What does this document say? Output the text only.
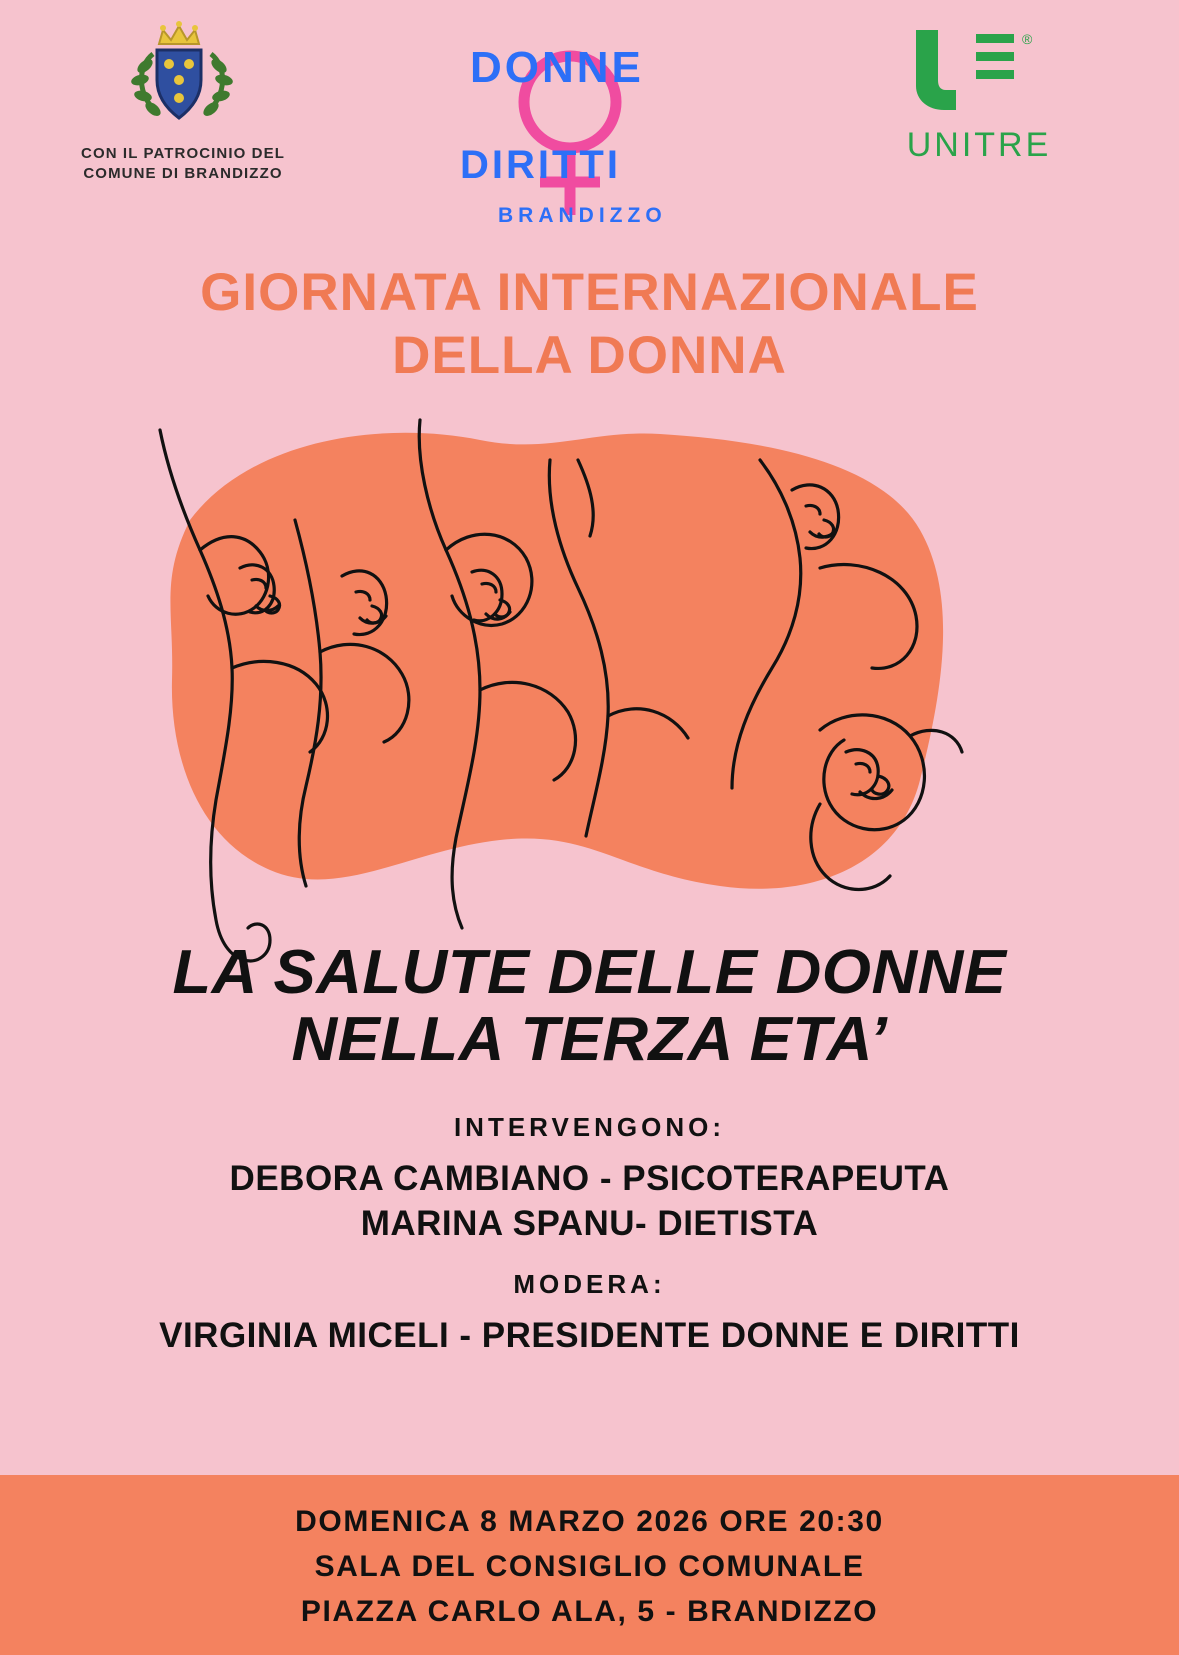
CON IL PATROCINIO DEL
COMUNE DI BRANDIZZO
DONNE
DIRITTI
BRANDIZZO
®
UNITRE
GIORNATA INTERNAZIONALE
DELLA DONNA
LA SALUTE DELLE DONNE
NELLA TERZA ETA’
INTERVENGONO:
DEBORA CAMBIANO - PSICOTERAPEUTA
MARINA SPANU- DIETISTA
MODERA:
VIRGINIA MICELI - PRESIDENTE DONNE E DIRITTI
DOMENICA 8 MARZO 2026 ORE 20:30
SALA DEL CONSIGLIO COMUNALE
PIAZZA CARLO ALA, 5 - BRANDIZZO
